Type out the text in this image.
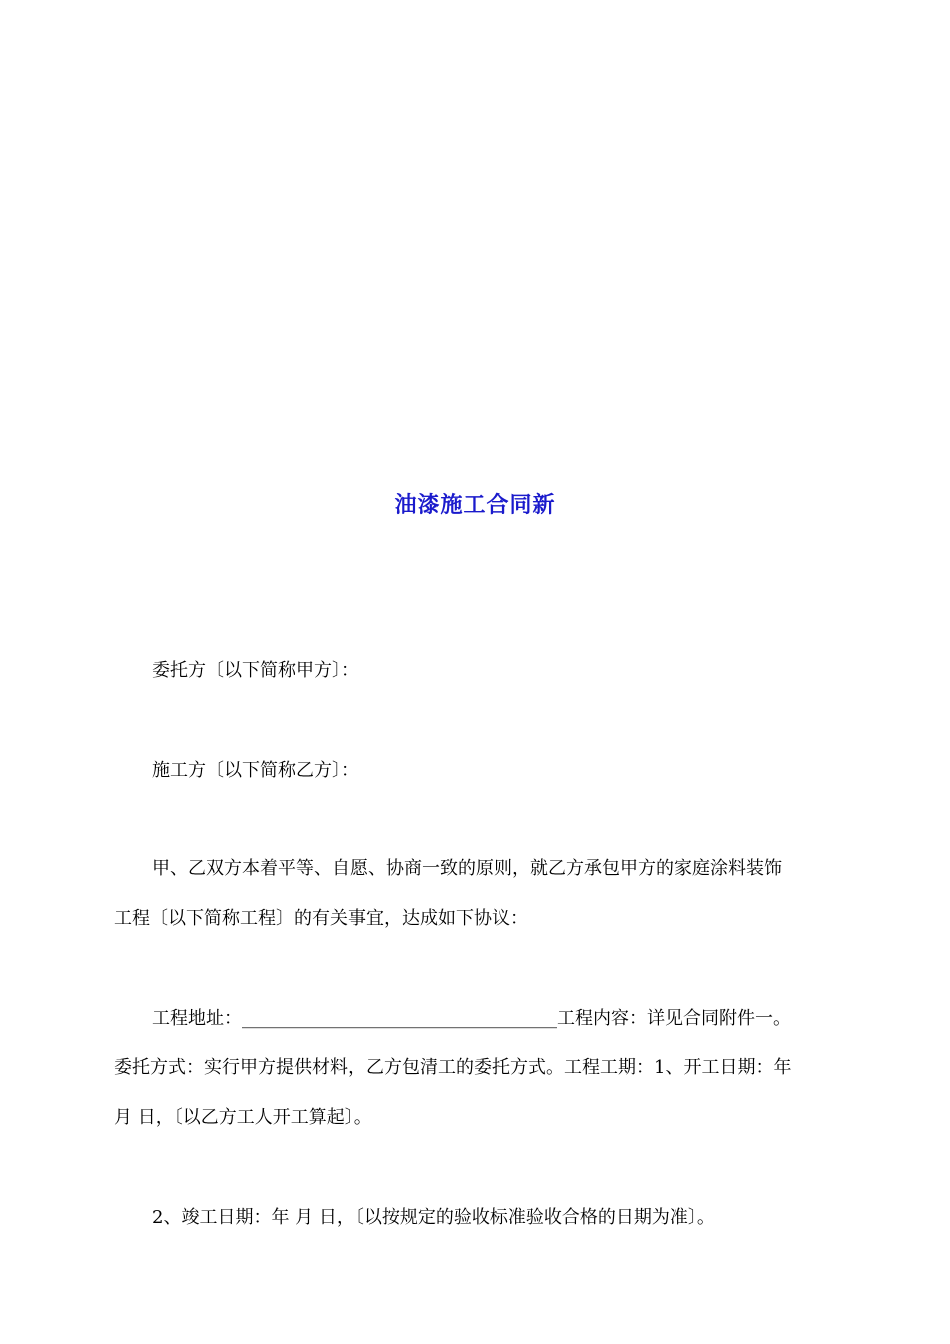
油漆施工合同新
委托方〔以下简称甲方〕：
施工方〔以下简称乙方〕：
甲、乙双方本着平等、自愿、协商一致的原则，就乙方承包甲方的家庭涂料装饰
工程〔以下简称工程〕的有关事宜，达成如下协议：
工程地址：___________________________________工程内容：详见合同附件一。
委托方式：实行甲方提供材料，乙方包清工的委托方式。工程工期：1、开工日期：年
月 日，〔以乙方工人开工算起〕。
2、竣工日期：年 月 日，〔以按规定的验收标准验收合格的日期为准〕。
